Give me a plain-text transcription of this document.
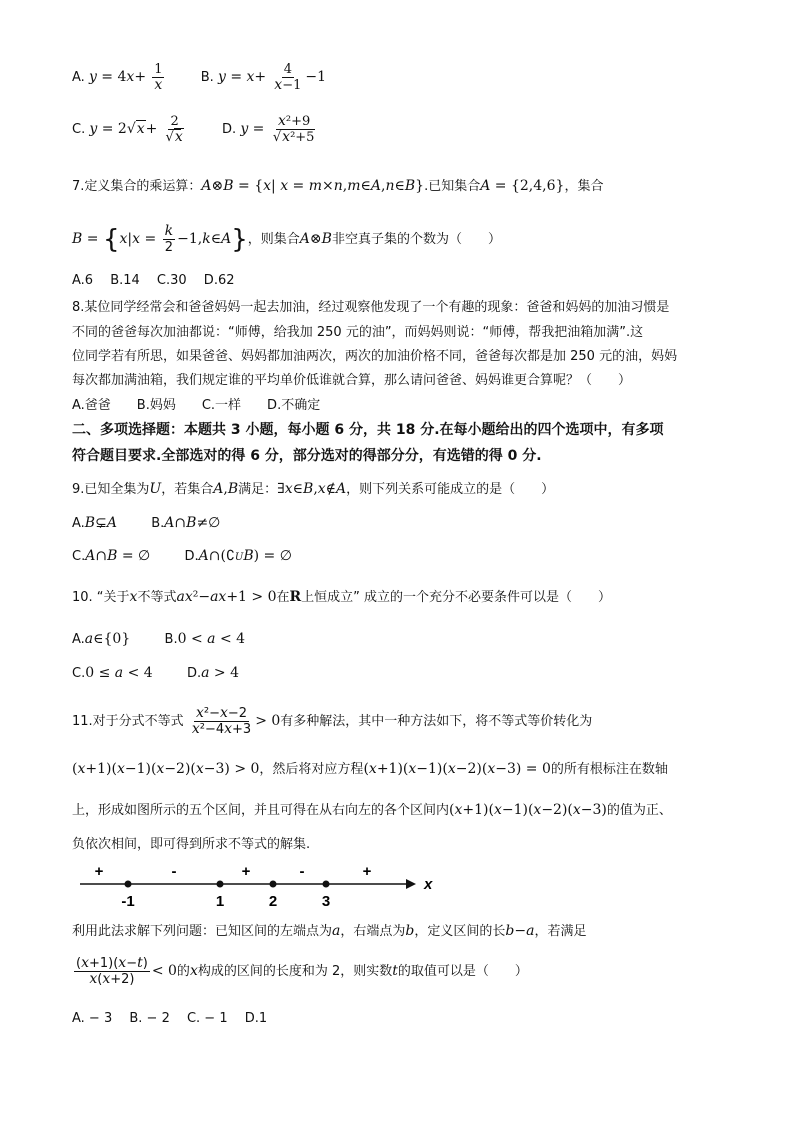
A. $y = 4x+ \frac{1}{x}$	B. $y = x+ \frac{4}{x-1} -1$
C. $y = 2√x+ \frac{2}{√x}$	D. $y = \frac{\text{x²+9}}{\text{√x²+5}}$
7.定义集合的乘运算：A⊗B = {x| x = m×n,m∈A,n∈B}.已知集合A = {2,4,6}，集合
$B = \{x|x = \frac{k}{2}$ −1,k∈A}，则集合A⊗B非空真子集的个数为（　　）
A.6　 B.14　 C.30　 D.62
8.某位同学经常会和爸爸妈妈一起去加油，经过观察他发现了一个有趣的现象：爸爸和妈妈的加油习惯是
不同的爸爸每次加油都说：“师傅，给我加 250 元的油”，而妈妈则说：“师傅，帮我把油箱加满”.这
位同学若有所思，如果爸爸、妈妈都加油两次，两次的加油价格不同，爸爸每次都是加 250 元的油，妈妈
每次都加满油箱，我们规定谁的平均单价低谁就合算，那么请问爸爸、妈妈谁更合算呢？（　　）
A.爸爸　　B.妈妈　　C.一样　　D.不确定
二、多项选择题：本题共 3 小题，每小题 6 分，共 18 分.在每小题给出的四个选项中，有多项
符合题目要求.全部选对的得 6 分，部分选对的得部分分，有选错的得 0 分.
9.已知全集为U，若集合A,B满足：∃x∈B,x∉A，则下列关系可能成立的是（　　）
A.B⊊A	B.A∩B≠∅
C.A∩B = ∅	D.A∩(∁UB) = ∅
10. “关于x不等式ax²−ax+1 > 0在R上恒成立” 成立的一个充分不必要条件可以是（　　）
A.a∈{0}	B.0 < a < 4
C.0 ≤ a < 4	D.a > 4
11.对于分式不等式 $\frac{\text{x²−x−2}}{\text{x²−4x+3}} > 0$有多种解法，其中一种方法如下，将不等式等价转化为
(x+1)(x−1)(x−2)(x−3) > 0，然后将对应方程(x+1)(x−1)(x−2)(x−3) = 0的所有根标注在数轴
上，形成如图所示的五个区间，并且可得在从右向左的各个区间内(x+1)(x−1)(x−2)(x−3)的值为正、
负依次相间，即可得到所求不等式的解集.
x
+	-	+	-	+
-1	1	2	3
利用此法求解下列问题：已知区间的左端点为a，右端点为b，定义区间的长b−a，若满足
$\frac{(x+1)(x-t)}{x(x+2)} < 0$的x构成的区间的长度和为 2，则实数t的取值可以是（　　）
A. − 3　 B. − 2　 C. − 1　 D.1
